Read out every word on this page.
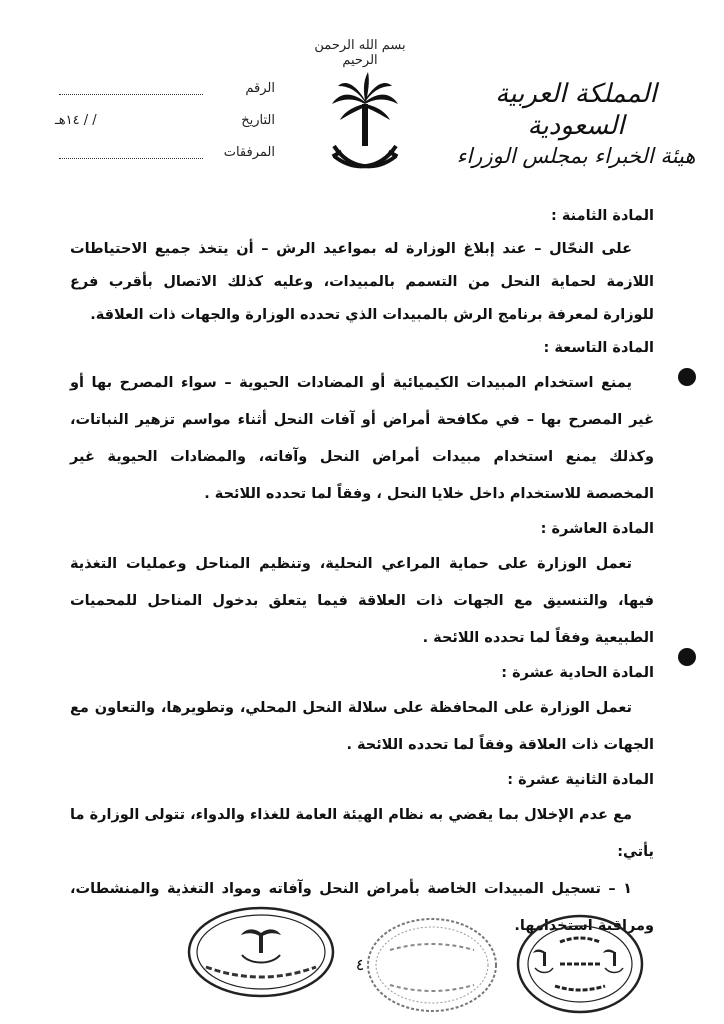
بسم الله الرحمن الرحيم
المملكة العربية السعودية
هيئة الخبراء بمجلس الوزراء
الرقم
التاريخ
/ / ١٤هـ
المرفقات

المادة الثامنة :

على النحّال – عند إبلاغ الوزارة له بمواعيد الرش – أن يتخذ جميع الاحتياطات اللازمة لحماية النحل من التسمم بالمبيدات، وعليه كذلك الاتصال بأقرب فرع للوزارة لمعرفة برنامج الرش بالمبيدات الذي تحدده الوزارة والجهات ذات العلاقة.

المادة التاسعة :

يمنع استخدام المبيدات الكيميائية أو المضادات الحيوية – سواء المصرح بها أو غير المصرح بها – في مكافحة أمراض أو آفات النحل أثناء مواسم تزهير النباتات، وكذلك يمنع استخدام مبيدات أمراض النحل وآفاته، والمضادات الحيوية غير المخصصة للاستخدام داخل خلايا النحل ، وفقاً لما تحدده اللائحة .

المادة العاشرة :

تعمل الوزارة على حماية المراعي النحلية، وتنظيم المناحل وعمليات التغذية فيها، والتنسيق مع الجهات ذات العلاقة فيما يتعلق بدخول المناحل للمحميات الطبيعية وفقاً لما تحدده اللائحة .

المادة الحادية عشرة :

تعمل الوزارة على المحافظة على سلالة النحل المحلي، وتطويرها، والتعاون مع الجهات ذات العلاقة وفقاً لما تحدده اللائحة .

المادة الثانية عشرة :

مع عدم الإخلال بما يقضي به نظام الهيئة العامة للغذاء والدواء، تتولى الوزارة ما يأتي:

١ – تسجيل المبيدات الخاصة بأمراض النحل وآفاته ومواد التغذية والمنشطات، ومراقبة استخدامها.

٤
